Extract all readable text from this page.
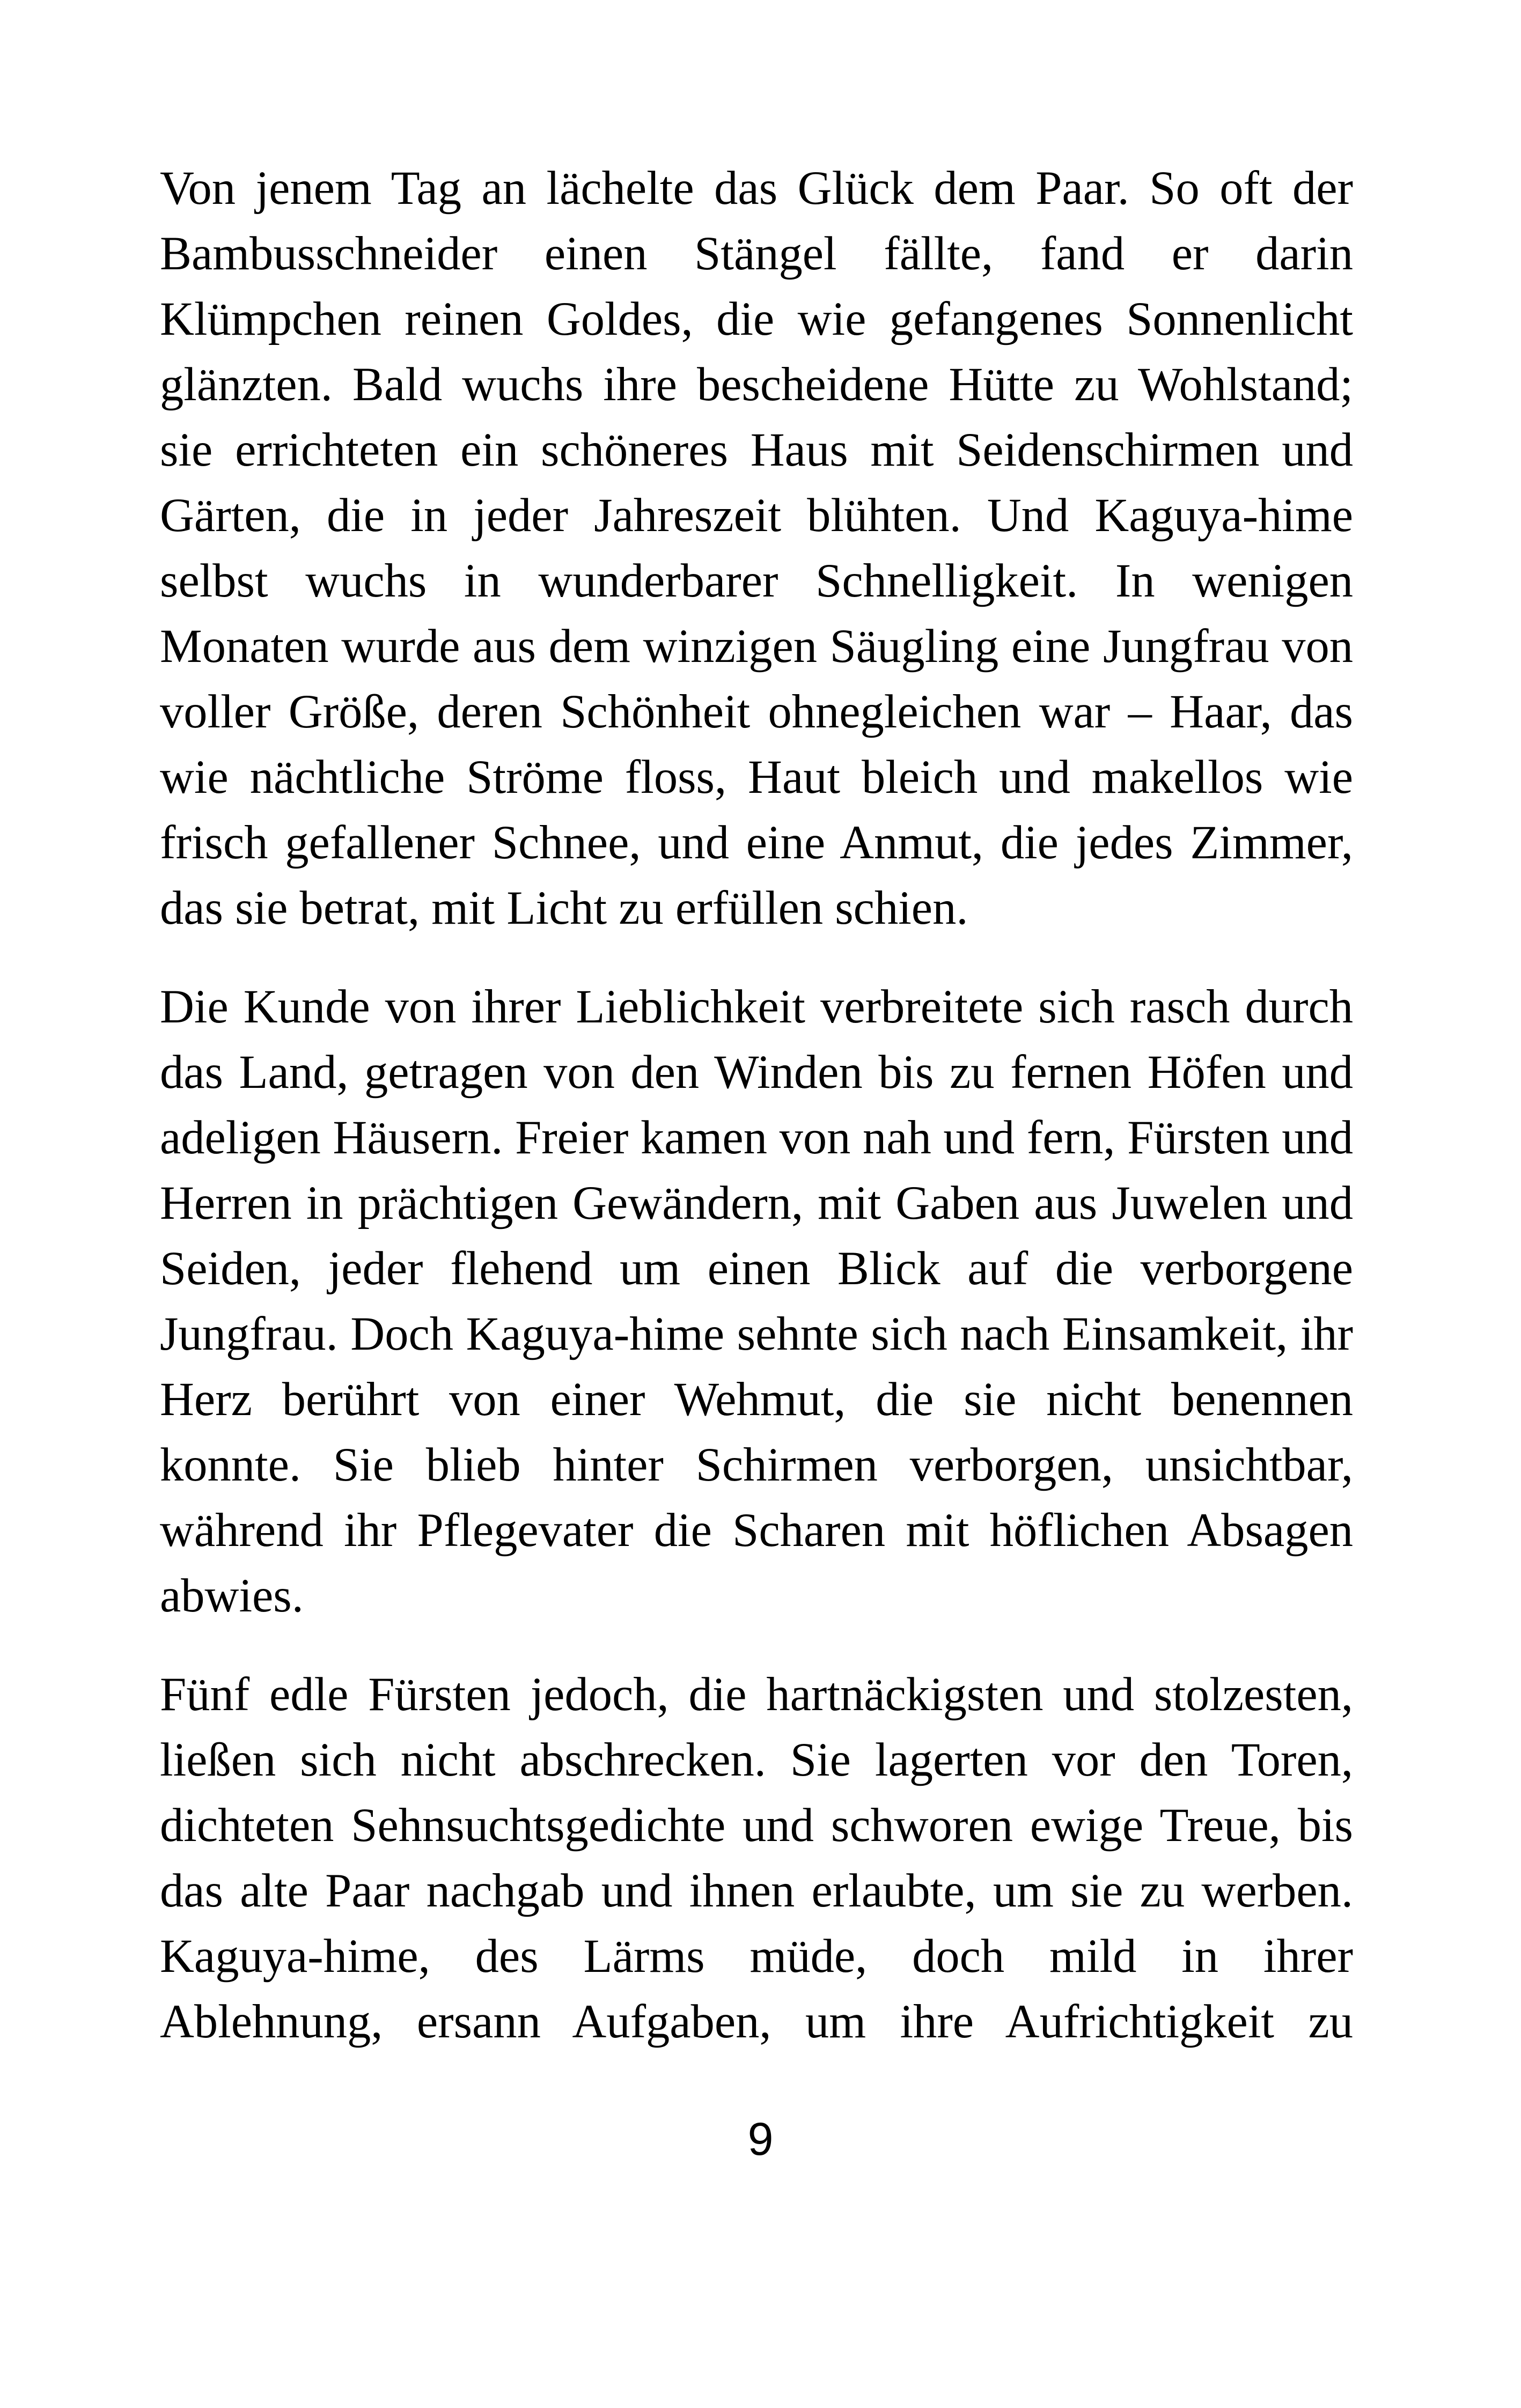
Von jenem Tag an lächelte das Glück dem Paar. So oft der Bambusschneider einen Stängel fällte, fand er darin Klümpchen reinen Goldes, die wie gefangenes Sonnenlicht glänzten. Bald wuchs ihre bescheidene Hütte zu Wohlstand; sie errichteten ein schöneres Haus mit Seidenschirmen und Gärten, die in jeder Jahreszeit blühten. Und Kaguya-hime selbst wuchs in wunderbarer Schnelligkeit. In wenigen Monaten wurde aus dem winzigen Säugling eine Jungfrau von voller Größe, deren Schönheit ohnegleichen war – Haar, das wie nächtliche Ströme floss, Haut bleich und makellos wie frisch gefallener Schnee, und eine Anmut, die jedes Zimmer, das sie betrat, mit Licht zu erfüllen schien.

Die Kunde von ihrer Lieblichkeit verbreitete sich rasch durch das Land, getragen von den Winden bis zu fernen Höfen und adeligen Häusern. Freier kamen von nah und fern, Fürsten und Herren in prächtigen Gewändern, mit Gaben aus Juwelen und Seiden, jeder flehend um einen Blick auf die verborgene Jungfrau. Doch Kaguya-hime sehnte sich nach Einsamkeit, ihr Herz berührt von einer Wehmut, die sie nicht benennen konnte. Sie blieb hinter Schirmen verborgen, unsichtbar, während ihr Pflegevater die Scharen mit höflichen Absagen abwies.

Fünf edle Fürsten jedoch, die hartnäckigsten und stolzesten, ließen sich nicht abschrecken. Sie lagerten vor den Toren, dichteten Sehnsuchtsgedichte und schworen ewige Treue, bis das alte Paar nachgab und ihnen erlaubte, um sie zu werben. Kaguya-hime, des Lärms müde, doch mild in ihrer Ablehnung, ersann Aufgaben, um ihre Aufrichtigkeit zu

9
